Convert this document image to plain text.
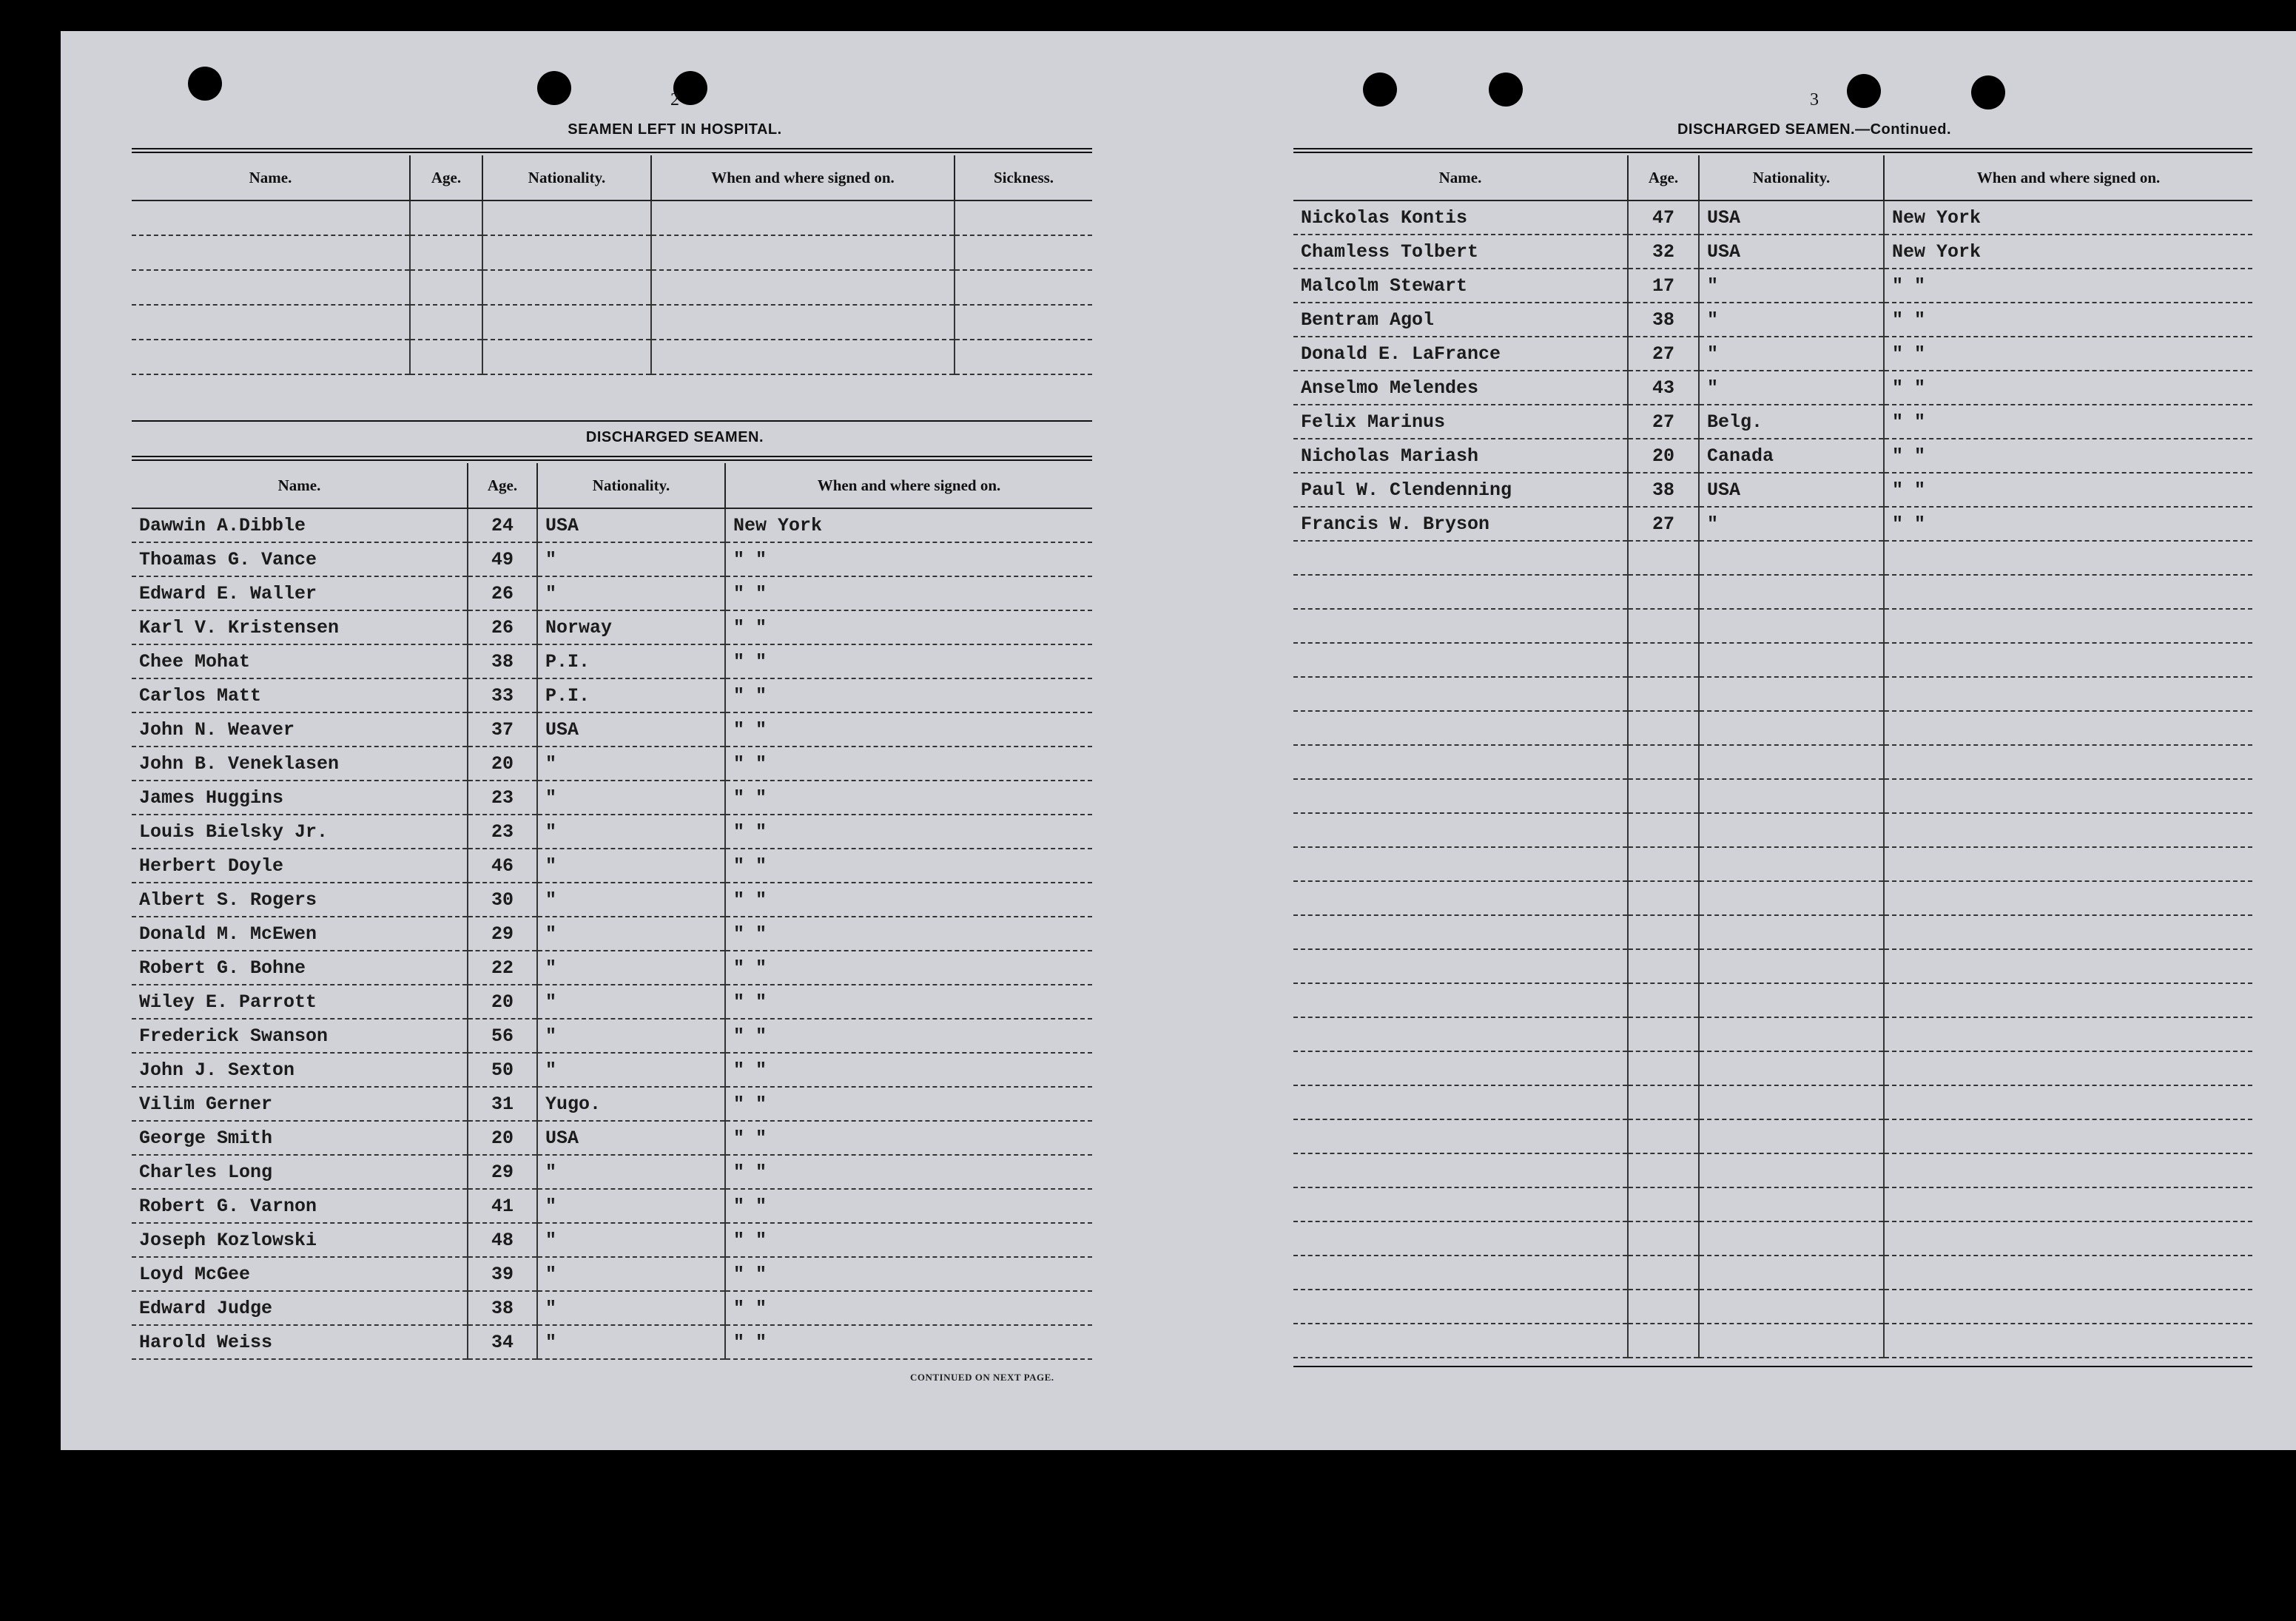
2
SEAMEN LEFT IN HOSPITAL.
Name.	Age.	Nationality.	When and where signed on.	Sickness.

DISCHARGED SEAMEN.
Name.	Age.	Nationality.	When and where signed on.
Dawwin A.Dibble	24	USA	New York
Thoamas G. Vance	49	"	" "
Edward E. Waller	26	"	" "
Karl V. Kristensen	26	Norway	" "
Chee Mohat	38	P.I.	" "
Carlos Matt	33	P.I.	" "
John N. Weaver	37	USA	" "
John B. Veneklasen	20	"	" "
James Huggins	23	"	" "
Louis Bielsky Jr.	23	"	" "
Herbert Doyle	46	"	" "
Albert S. Rogers	30	"	" "
Donald M. McEwen	29	"	" "
Robert G. Bohne	22	"	" "
Wiley E. Parrott	20	"	" "
Frederick Swanson	56	"	" "
John J. Sexton	50	"	" "
Vilim Gerner	31	Yugo.	" "
George Smith	20	USA	" "
Charles Long	29	"	" "
Robert G. Varnon	41	"	" "
Joseph Kozlowski	48	"	" "
Loyd McGee	39	"	" "
Edward Judge	38	"	" "
Harold Weiss	34	"	" "
CONTINUED ON NEXT PAGE.
3
DISCHARGED SEAMEN.—Continued.
Name.	Age.	Nationality.	When and where signed on.
Nickolas Kontis	47	USA	New York
Chamless Tolbert	32	USA	New York
Malcolm Stewart	17	"	" "
Bentram Agol	38	"	" "
Donald E. LaFrance	27	"	" "
Anselmo Melendes	43	"	" "
Felix Marinus	27	Belg.	" "
Nicholas Mariash	20	Canada	" "
Paul W. Clendenning	38	USA	" "
Francis W. Bryson	27	"	" "
